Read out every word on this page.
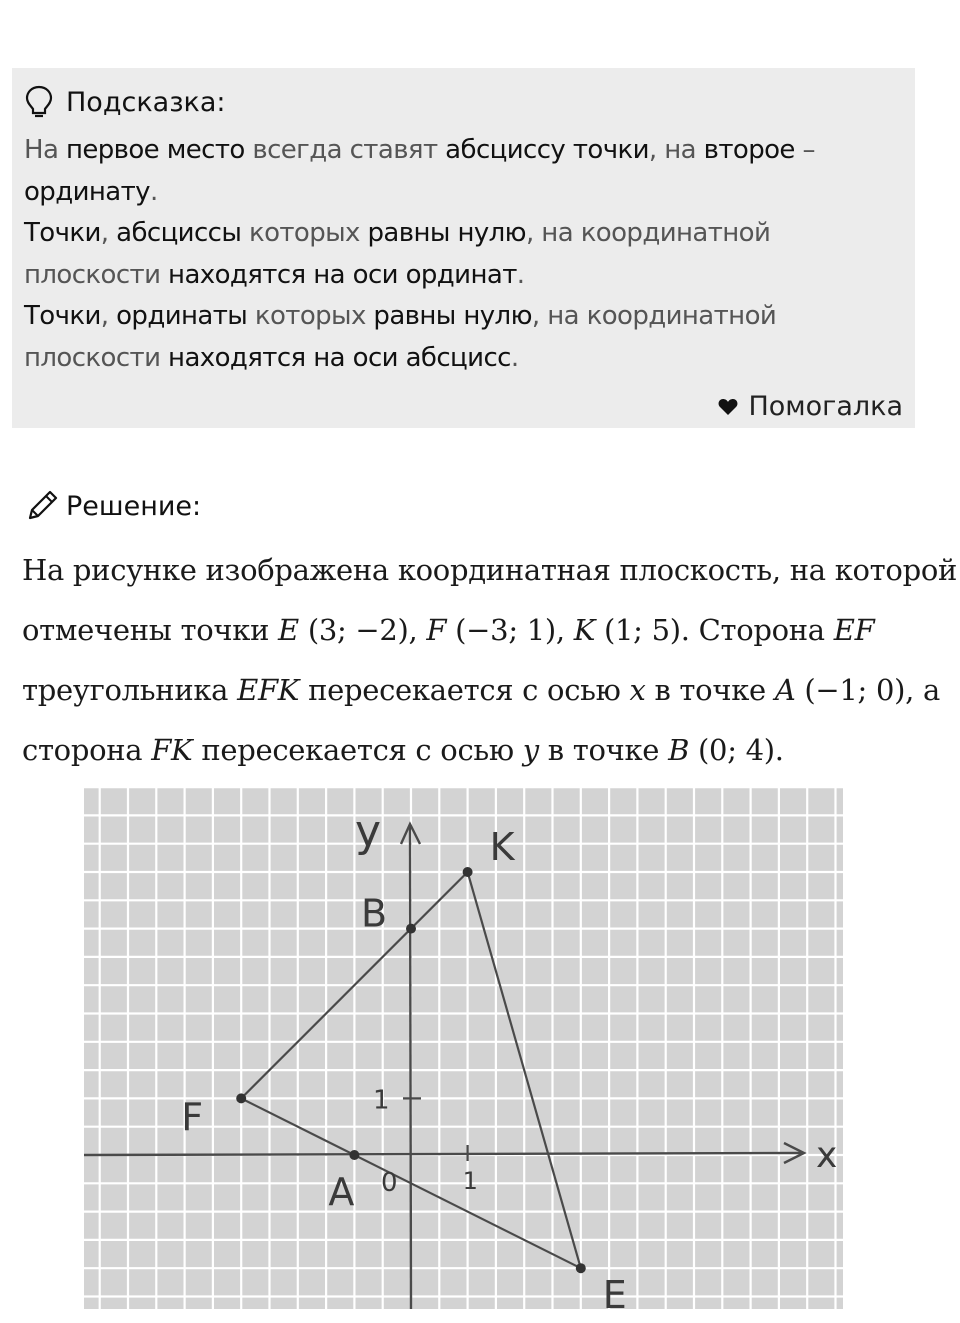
Подсказка:
На первое место всегда ставят абсциссу точки, на второе –
ординату.
Точки, абсциссы которых равны нулю, на координатной
плоскости находятся на оси ординат.
Точки, ординаты которых равны нулю, на координатной
плоскости находятся на оси абсцисс.
Помогалка
Решение:
На рисунке изображена координатная плоскость, на которой
отмечены точки E (3; −2), F (−3; 1), K (1; 5). Сторона EF
треугольника EFK пересекается с осью x в точке A (−1; 0), а
сторона FK пересекается с осью y в точке B (0; 4).
E
F
K
A
B
x
y
0	1
1
